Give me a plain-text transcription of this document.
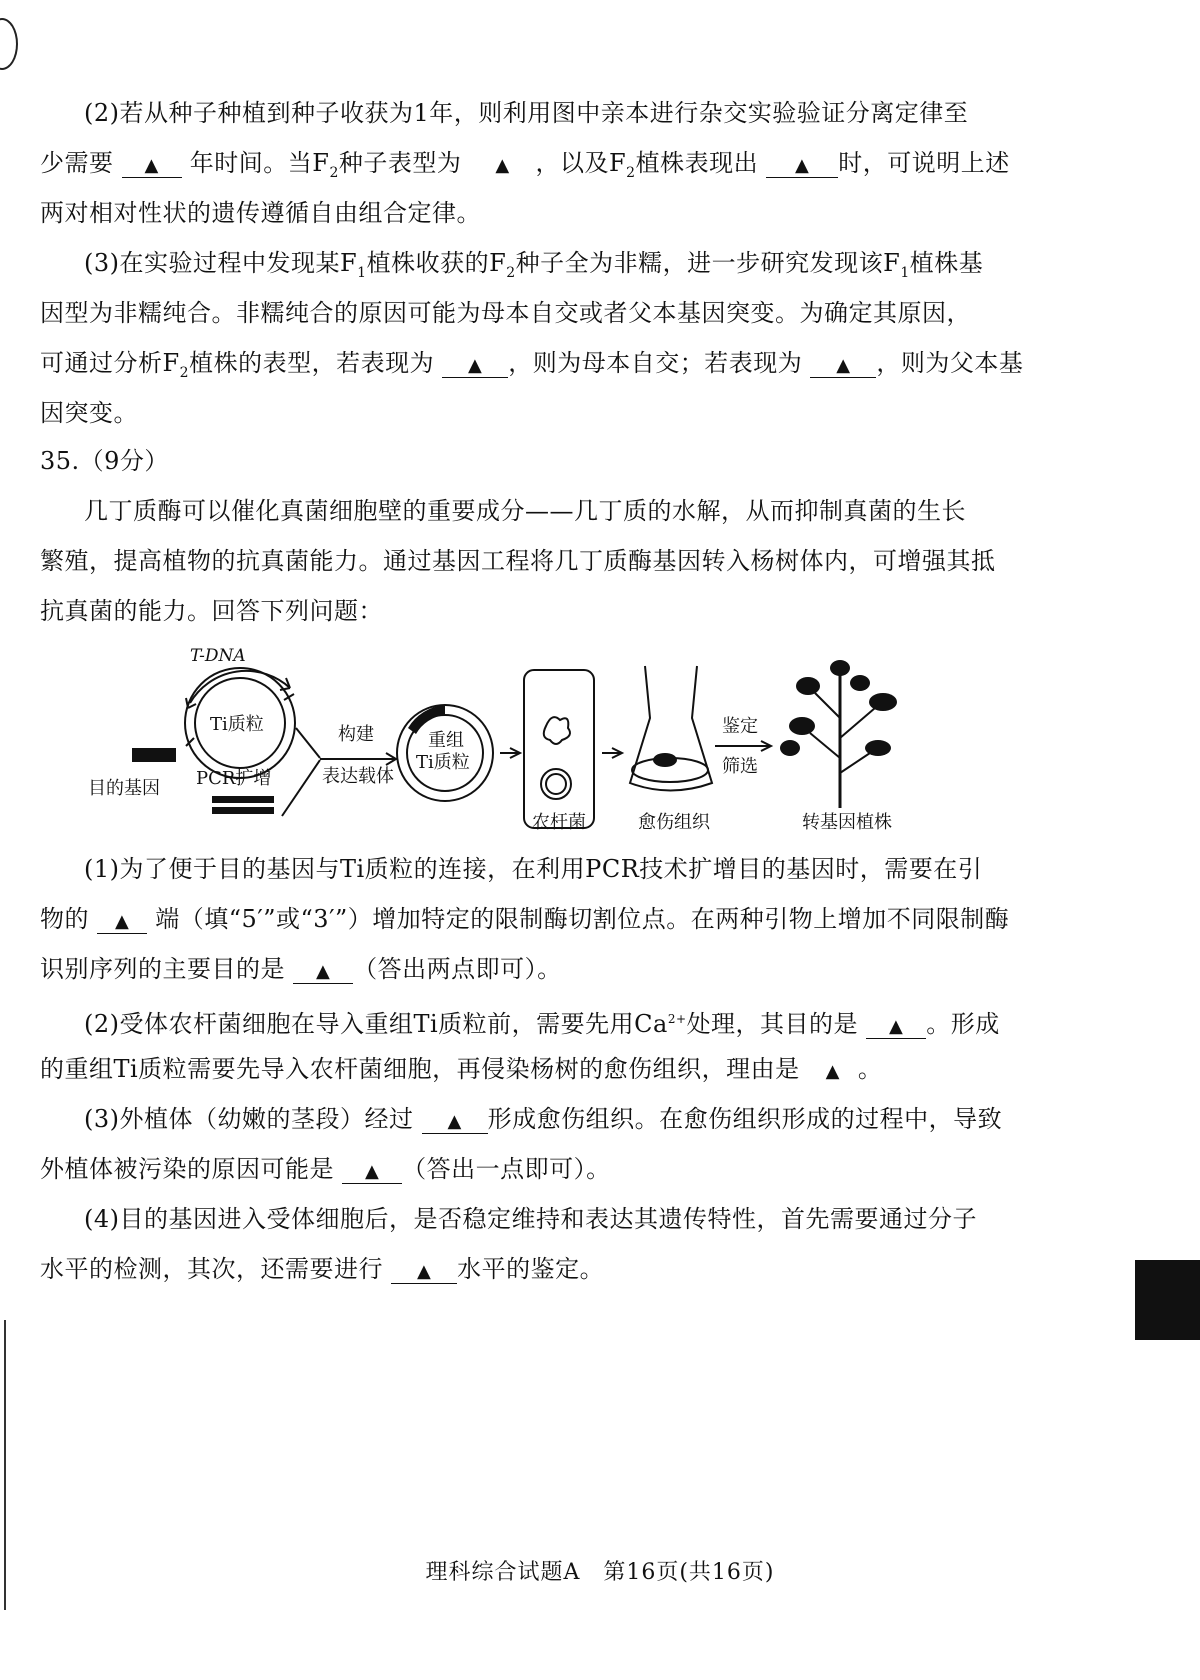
(2)若从种子种植到种子收获为1年，则利用图中亲本进行杂交实验验证分离定律至
少需要 ▲ 年时间。当$F_2$种子表型为 ▲ ，以及$F_2$植株表现出 ▲ 时，可说明上述
两对相对性状的遗传遵循自由组合定律。
(3)在实验过程中发现某$F_1$植株收获的$F_2$种子全为非糯，进一步研究发现该$F_1$植株基
因型为非糯纯合。非糯纯合的原因可能为母本自交或者父本基因突变。为确定其原因，
可通过分析$F_2$植株的表型，若表现为 ▲ ，则为母本自交；若表现为 ▲ ，则为父本基
因突变。
35.（9分）
几丁质酶可以催化真菌细胞壁的重要成分——几丁质的水解，从而抑制真菌的生长
繁殖，提高植物的抗真菌能力。通过基因工程将几丁质酶基因转入杨树体内，可增强其抵
抗真菌的能力。回答下列问题：
T-DNA
Ti质粒
目的基因 PCR扩增
构建
表达载体
重组
Ti质粒
农杆菌	愈伤组织
鉴定
筛选
转基因植株
(1)为了便于目的基因与Ti质粒的连接，在利用PCR技术扩增目的基因时，需要在引
物的 ▲ 端（填“5′”或“3′”）增加特定的限制酶切割位点。在两种引物上增加不同限制酶
识别序列的主要目的是 ▲ （答出两点即可）。
(2)受体农杆菌细胞在导入重组Ti质粒前，需要先用$Ca^{2+}$处理，其目的是 ▲ 。形成
的重组Ti质粒需要先导入农杆菌细胞，再侵染杨树的愈伤组织，理由是 ▲ 。
(3)外植体（幼嫩的茎段）经过 ▲ 形成愈伤组织。在愈伤组织形成的过程中，导致
外植体被污染的原因可能是 ▲ （答出一点即可）。
(4)目的基因进入受体细胞后，是否稳定维持和表达其遗传特性，首先需要通过分子
水平的检测，其次，还需要进行 ▲ 水平的鉴定。
理科综合试题A　第16页(共16页)
